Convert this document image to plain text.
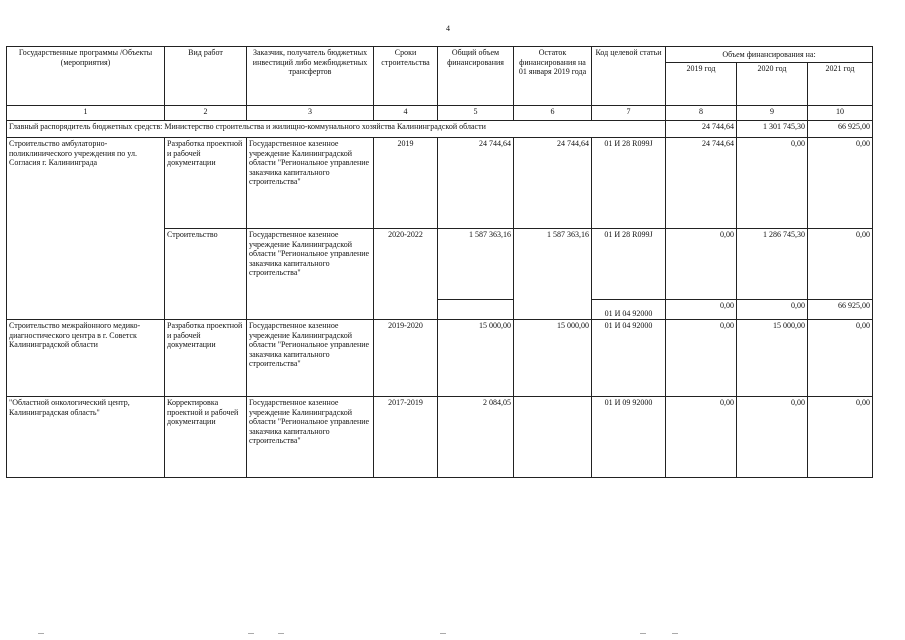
4
Государственные программы /Объекты (мероприятия)	Вид работ	Заказчик, получатель бюджетных инвестиций либо межбюджетных трансфертов	Сроки строительства	Общий объем финансирования	Остаток финансирования на 01 января 2019 года	Код целевой статьи	Объем финансирования на:		
							2019 год	2020 год	2021 год
1	2	3	4	5	6	7	8	9	10
Главный распорядитель бюджетных средств: Министерство строительства и жилищно-коммунального хозяйства Калининградской области							24 744,64	1 301 745,30	66 925,00
Строительство амбулаторно-поликлинического учреждения по ул. Согласия г. Калининграда	Разработка проектной и рабочей документации	Государственное казенное учреждение Калининградской области "Региональное управление заказчика капитального строительства"	2019	24 744,64	24 744,64	01 И 28 R099J	24 744,64	0,00	0,00
	Строительство	Государственное казенное учреждение Калининградской области "Региональное управление заказчика капитального строительства"	2020-2022	1 587 363,16	1 587 363,16	01 И 28 R099J	0,00	1 286 745,30	0,00
						01 И 04 92000	0,00	0,00	66 925,00
Строительство межрайонного медико-диагностического центра в г. Советск Калининградской области	Разработка проектной и рабочей документации	Государственное казенное учреждение Калининградской области "Региональное управление заказчика капитального строительства"	2019-2020	15 000,00	15 000,00	01 И 04 92000	0,00	15 000,00	0,00
"Областной онкологический центр, Калининградская область"	Корректировка проектной и рабочей документации	Государственное казенное учреждение Калининградской области "Региональное управление заказчика капитального строительства"	2017-2019	2 084,05		01 И 09 92000	0,00	0,00	0,00
